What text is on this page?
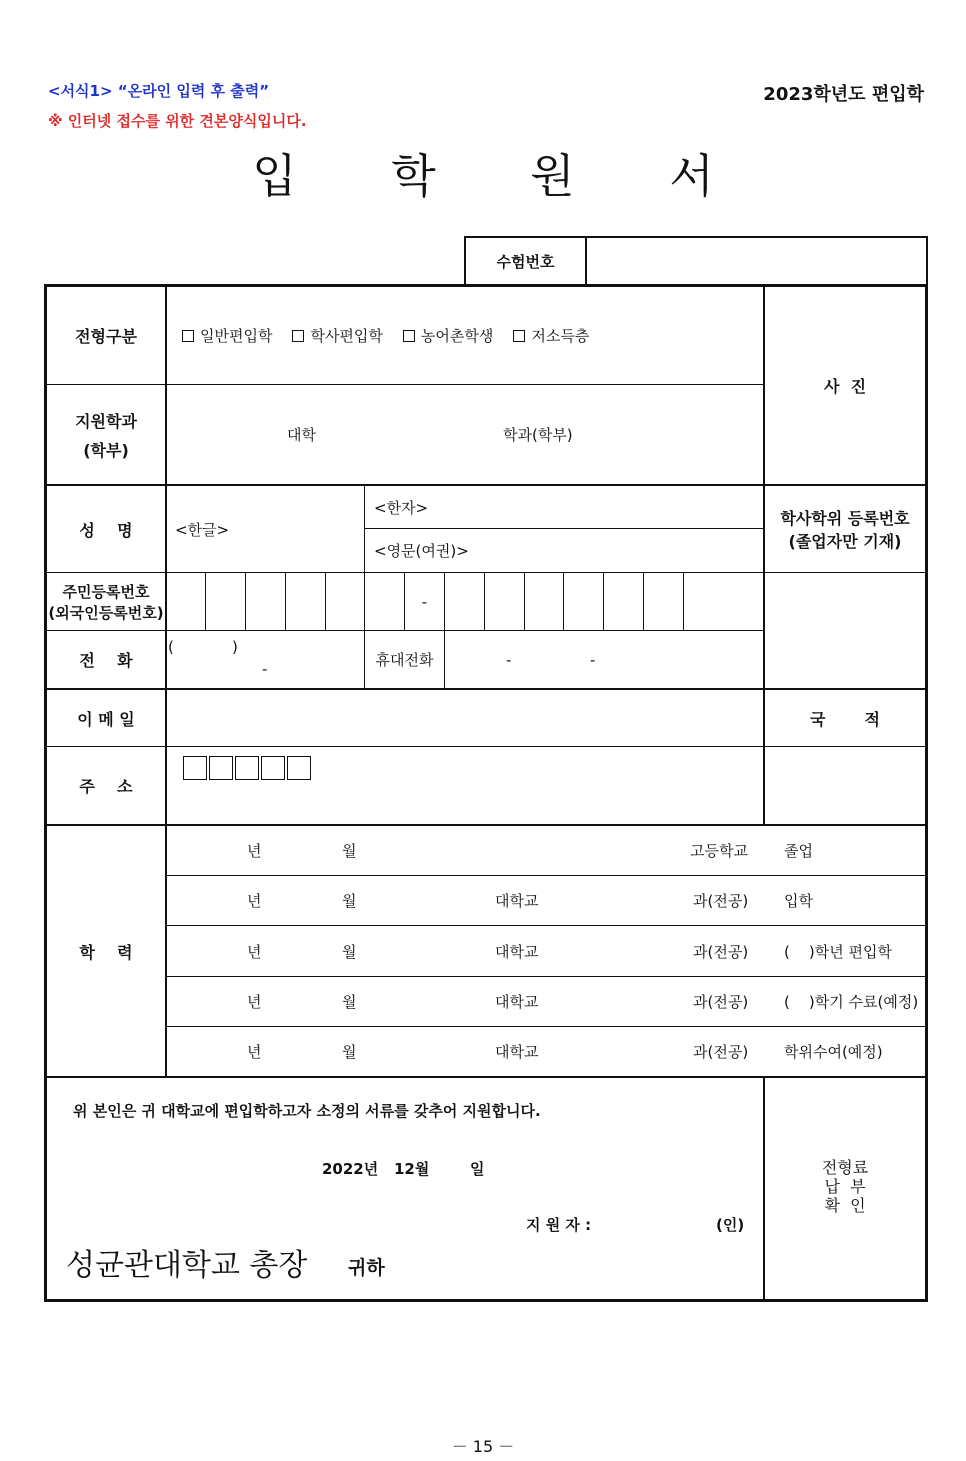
<서식1> “온라인 입력 후 출력”
※ 인터넷 접수를 위한 견본양식입니다.
2023학년도 편입학
입 학 원 서
수험번호
전형구분	일반편입학	학사편입학	농어촌학생	저소득층
사  진
지원학과
(학부)
대학	학과(학부)
성    명	<한글>
<한자>
<영문(여권)>
학사학위 등록번호
(졸업자만 기재)
주민등록번호
(외국인등록번호)
-
전    화
(	)
-	휴대전화	-	-
이 메 일	국       적
주    소
학    력
년	월	고등학교 졸업
년	월	대학교	과(전공) 입학
년	월	대학교	과(전공) (    )학년 편입학
년	월	대학교	과(전공) (    )학기 수료(예정)
년	월	대학교	과(전공) 학위수여(예정)
위 본인은 귀 대학교에 편입학하고자 소정의 서류를 갖추어 지원합니다.
2022년 12월	일
지 원 자 :	(인)
성균관대학교 총장 귀하
전형료
납  부
확  인
－ 15 －
